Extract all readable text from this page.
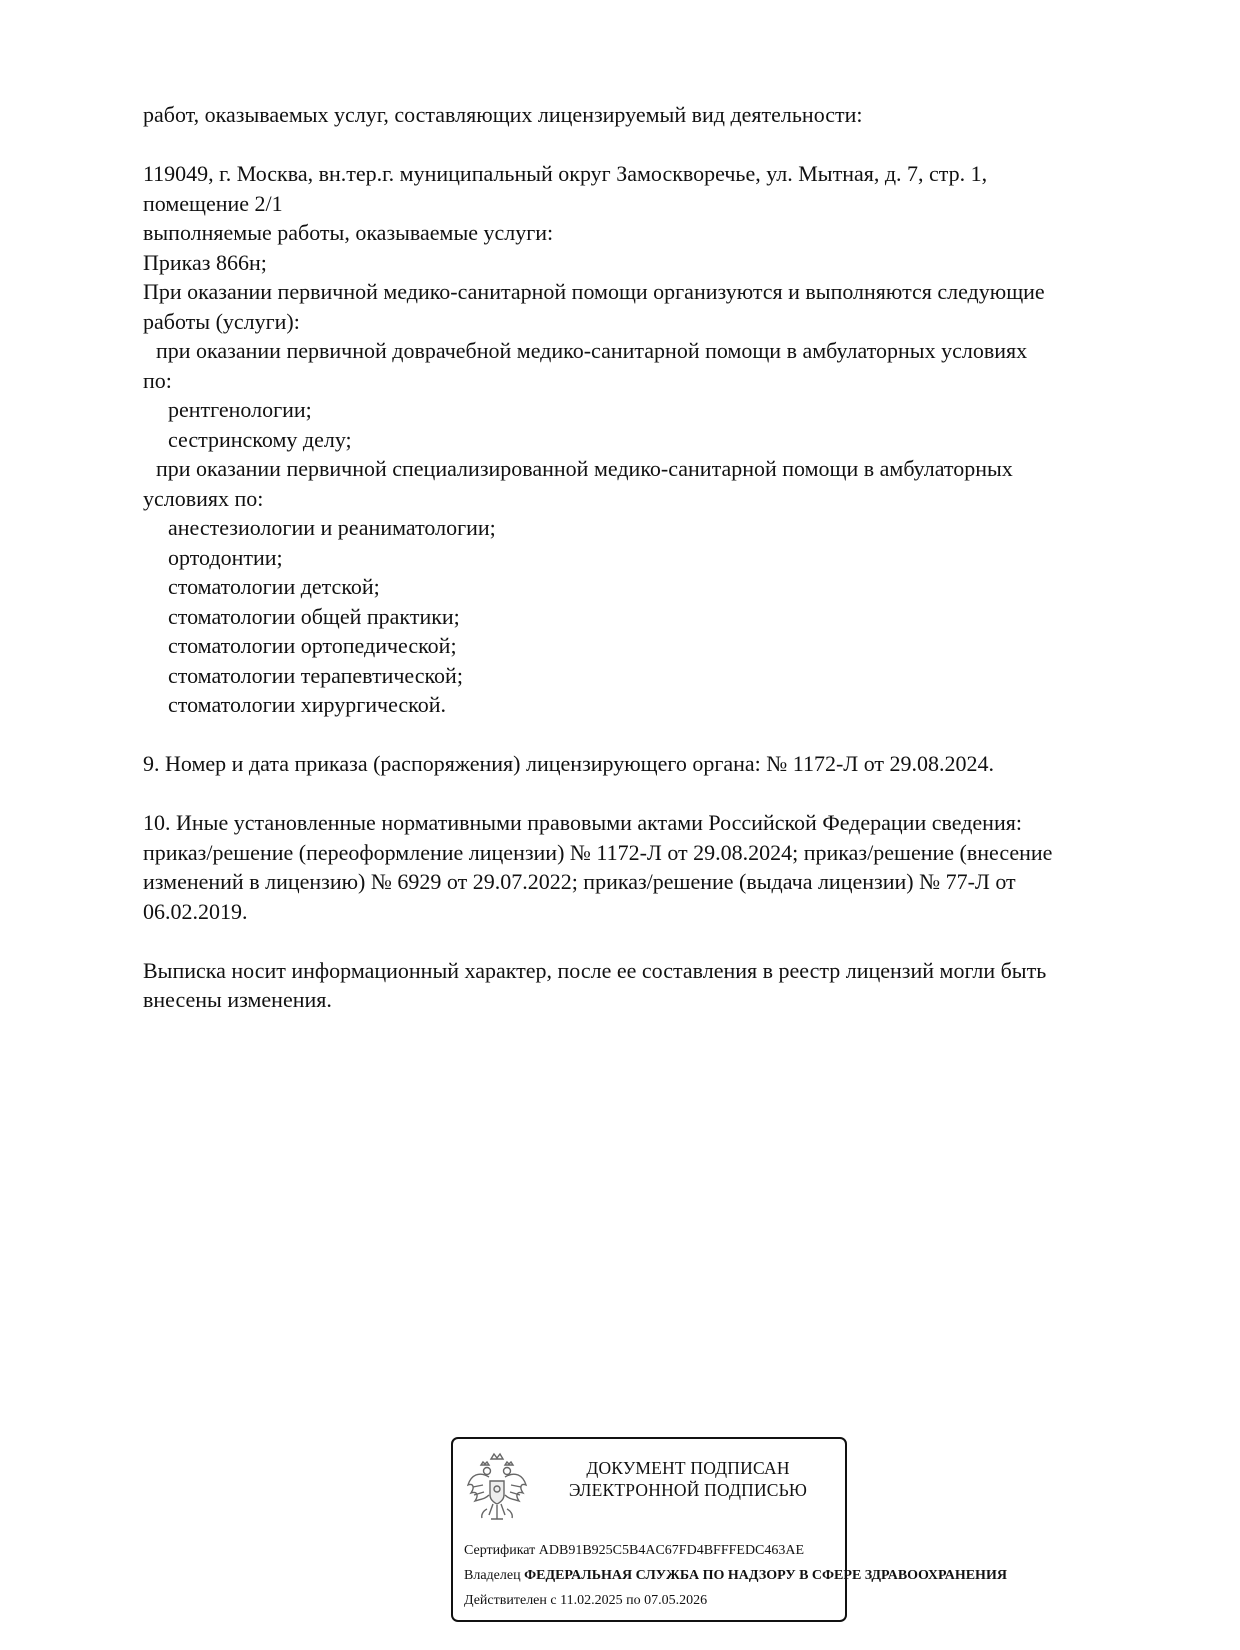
работ, оказываемых услуг, составляющих лицензируемый вид деятельности:
119049, г. Москва, вн.тер.г. муниципальный округ Замоскворечье, ул. Мытная, д. 7, стр. 1,
помещение 2/1
выполняемые работы, оказываемые услуги:
Приказ 866н;
При оказании первичной медико-санитарной помощи организуются и выполняются следующие
работы (услуги):
при оказании первичной доврачебной медико-санитарной помощи в амбулаторных условиях
по:
рентгенологии;
сестринскому делу;
при оказании первичной специализированной медико-санитарной помощи в амбулаторных
условиях по:
анестезиологии и реаниматологии;
ортодонтии;
стоматологии детской;
стоматологии общей практики;
стоматологии ортопедической;
стоматологии терапевтической;
стоматологии хирургической.
9. Номер и дата приказа (распоряжения) лицензирующего органа: № 1172-Л от 29.08.2024.
10. Иные установленные нормативными правовыми актами Российской Федерации сведения:
приказ/решение (переоформление лицензии) № 1172-Л от 29.08.2024; приказ/решение (внесение
изменений в лицензию) № 6929 от 29.07.2022; приказ/решение (выдача лицензии) № 77-Л от
06.02.2019.
Выписка носит информационный характер, после ее составления в реестр лицензий могли быть
внесены изменения.
ДОКУМЕНТ ПОДПИСАН
ЭЛЕКТРОННОЙ ПОДПИСЬЮ
Сертификат ADB91B925C5B4AC67FD4BFFFEDC463AE
Владелец ФЕДЕРАЛЬНАЯ СЛУЖБА ПО НАДЗОРУ В СФЕРЕ ЗДРАВООХРАНЕНИЯ
Действителен с 11.02.2025 по 07.05.2026
